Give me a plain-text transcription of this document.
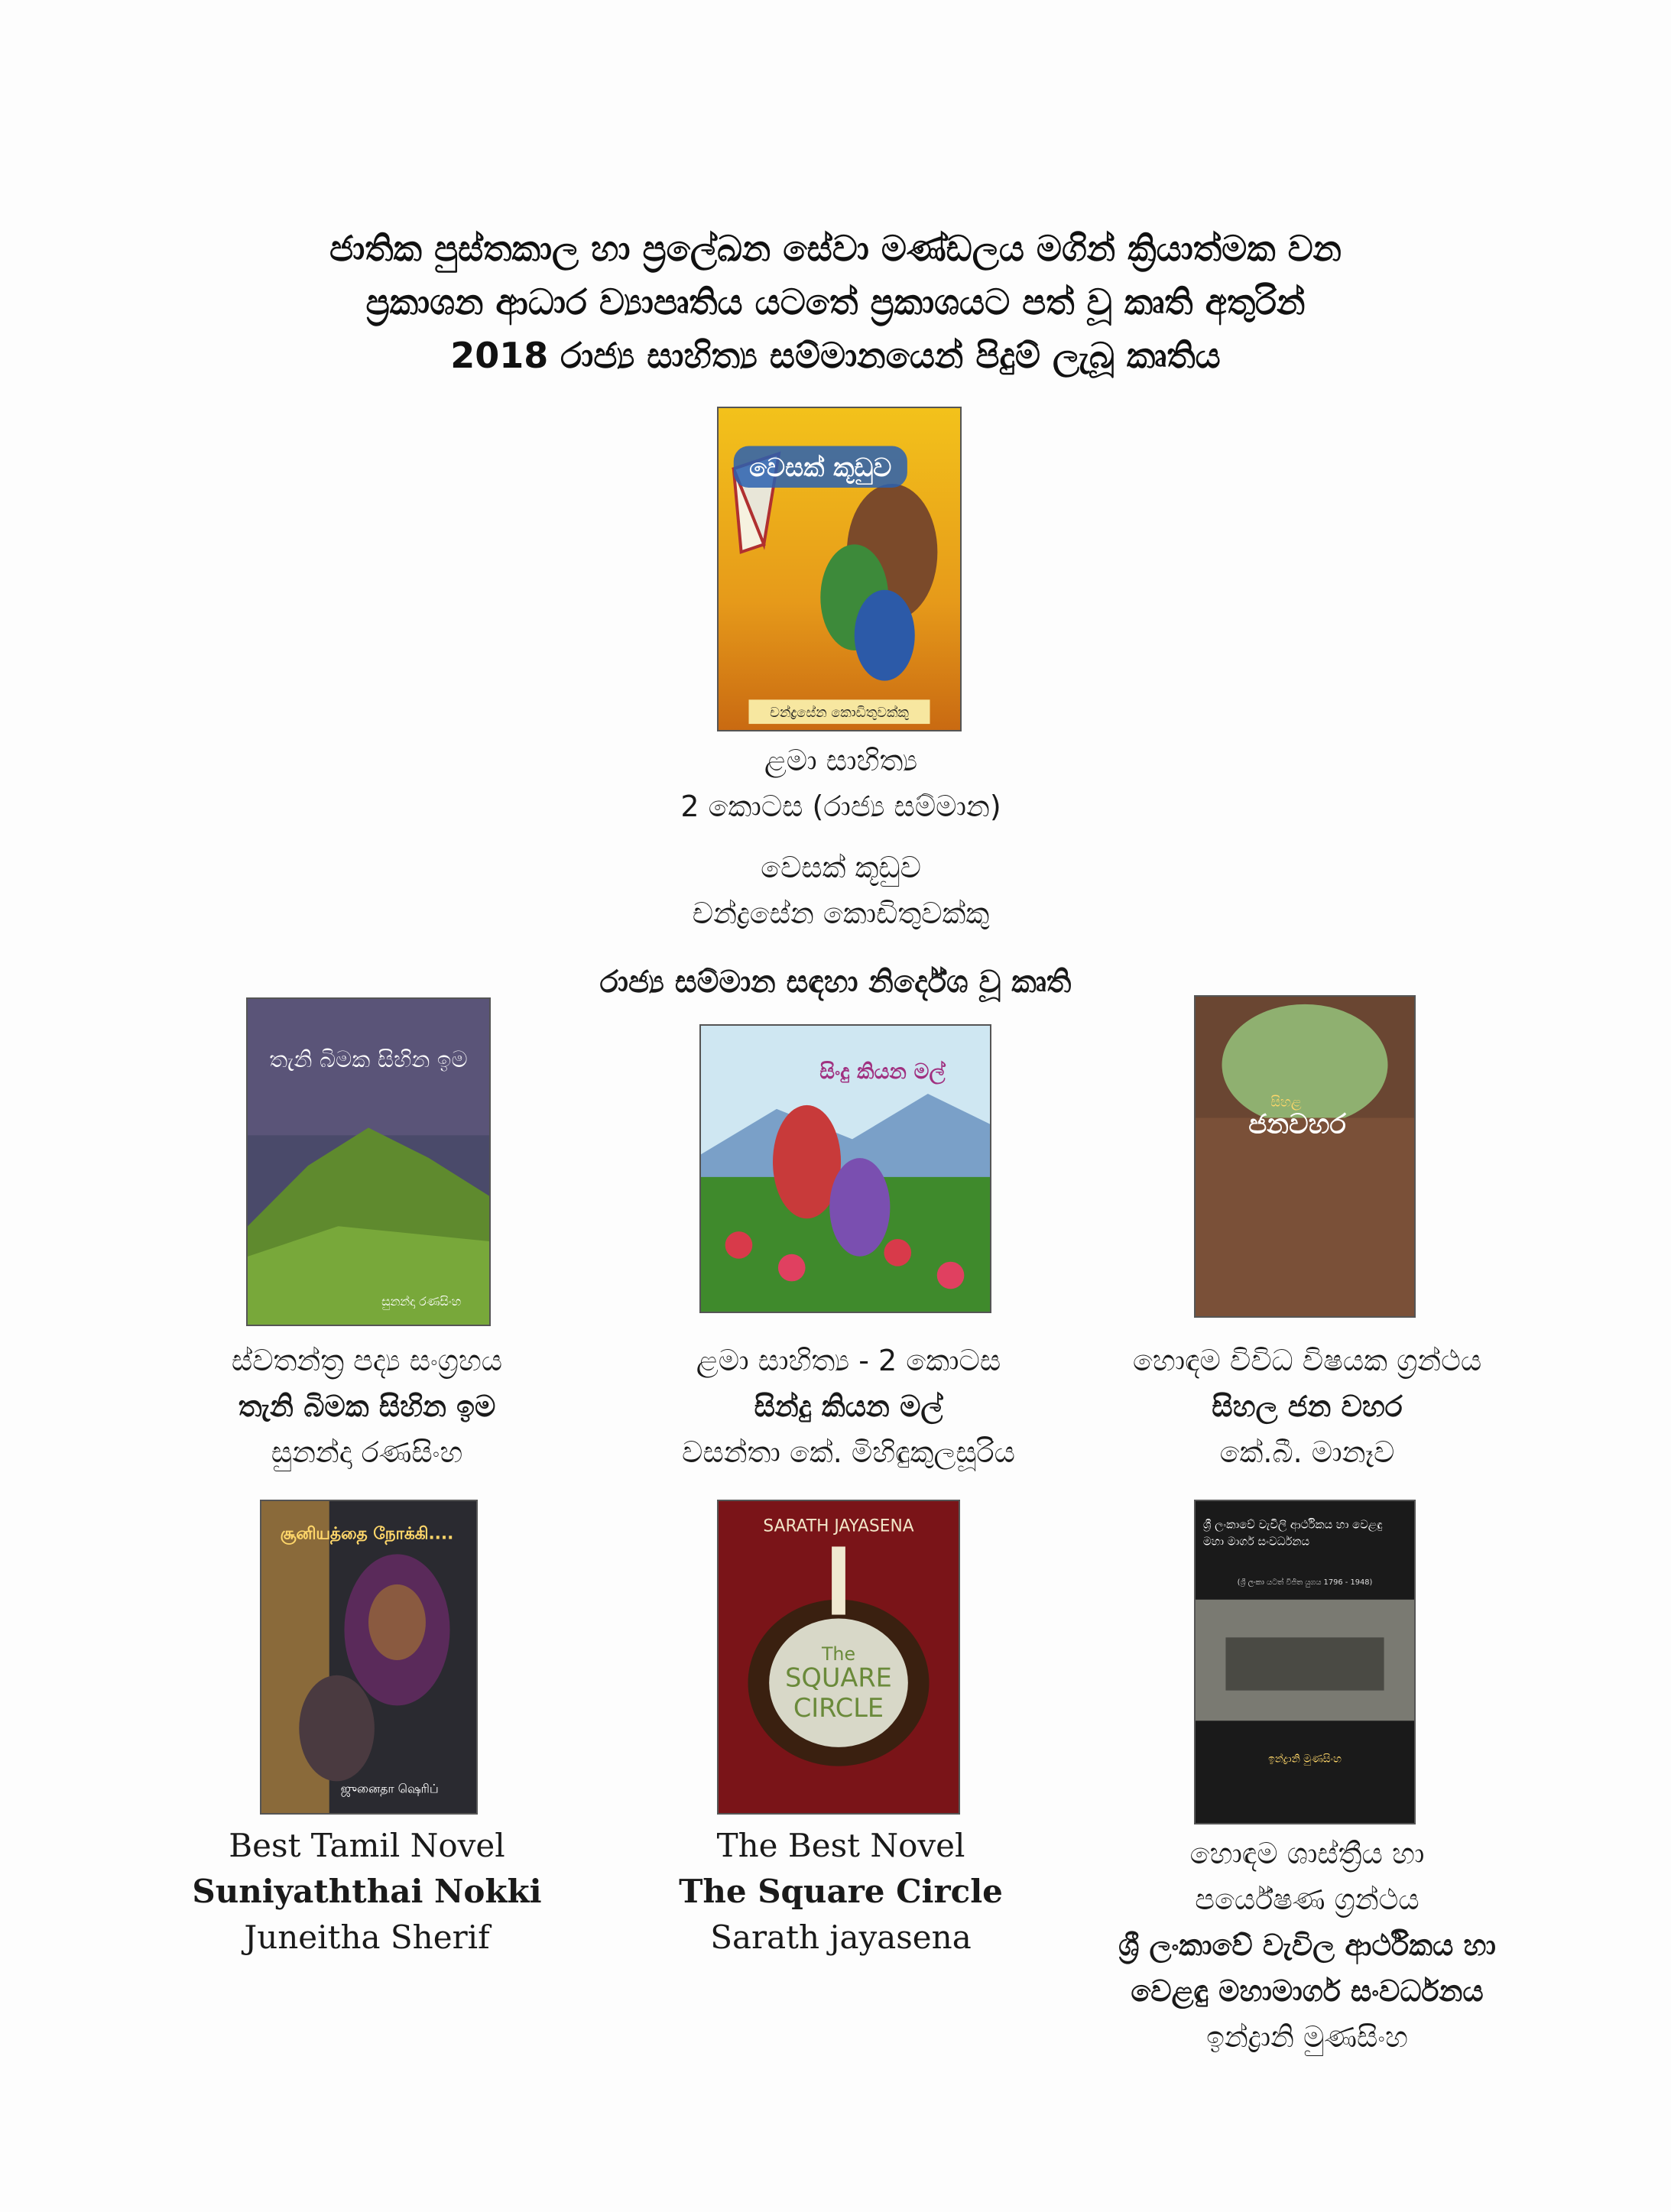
ජාතික පුස්තකාල හා ප්‍රලේඛන සේවා මණ්ඩලය මගින් ක්‍රියාත්මක වන
ප්‍රකාශන ආධාර ව්‍යාපෘතිය යටතේ ප්‍රකාශයට පත් වූ කෘති අතුරින්
2018 රාජ්‍ය සාහිත්‍ය සම්මානයෙන් පිදුම් ලැබූ කෘතිය
වෙසක් කූඩුව
චන්ද්‍රසේන කොඩිතුවක්කු
ළමා සාහිත්‍ය
2 කොටස (රාජ්‍ය සම්මාන)
වෙසක් කූඩුව
චන්ද්‍රසේන කොඩිතුවක්කු
රාජ්‍ය සම්මාන සඳහා නිර්දේශ වූ කෘති
තැනි බිමක සිහින ඉම
සුනන්දා රණසිංහ
සිංදු කියන මල්
සිහළ
ජනවහර
ස්වතන්ත්‍ර පද්‍ය සංග්‍රහය
තැනි බිමක සිහින ඉම
සුනන්දා රණසිංහ
ළමා සාහිත්‍ය - 2 කොටස
සින්දු කියන මල්
වසන්තා කේ. මිහිඳුකුලසූරිය
හොඳම විවිධ විෂයක ග්‍රන්ථය
සිහල ජන වහර
කේ.බී. මානෑව
சூனியத்தை நோக்கி....
ஜுனைதா ஷெரிப்
SARATH JAYASENA
The
SQUARE
CIRCLE
ශ්‍රී ලංකාවේ වැවිලි ආර්ථිකය හා වෙළඳු මහා මාර්ග සංවර්ධනය
(ශ්‍රී ලංකා යටත් විජිත යුගය 1796 - 1948)
ඉන්ද්‍රානි මුණසිංහ
Best Tamil Novel
Suniyaththai Nokki
Juneitha Sherif
The Best Novel
The Square Circle
Sarath jayasena
හොඳම ශාස්ත්‍රීය හා
පර්යේෂණ ග්‍රන්ථය
ශ්‍රී ලංකාවේ වැවිල ආර්ථිකය හා
වෙළඳු මහාමාර්ග සංවර්ධනය
ඉන්ද්‍රානි මුණසිංහ
